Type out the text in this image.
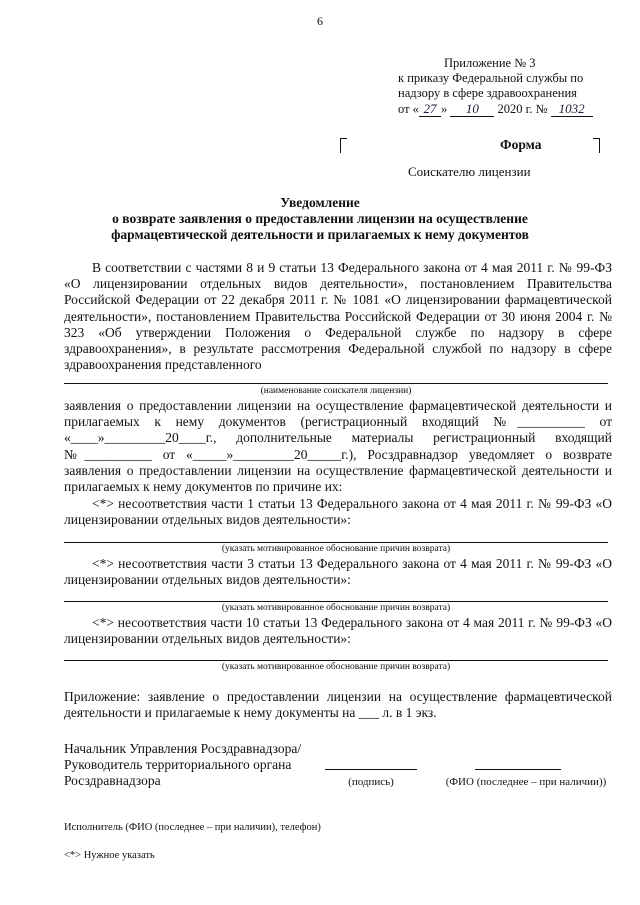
6
Приложение № 3
к приказу Федеральной службы по
надзору в сфере здравоохранения
от « 27 » 10 2020 г. № 1032
Форма
Соискателю лицензии
Уведомление
о возврате заявления о предоставлении лицензии на осуществление
фармацевтической деятельности и прилагаемых к нему документов
В соответствии с частями 8 и 9 статьи 13 Федерального закона от 4 мая 2011 г. № 99-ФЗ «О лицензировании отдельных видов деятельности», постановлением Правительства Российской Федерации от 22 декабря 2011 г. № 1081 «О лицензировании фармацевтической деятельности», постановлением Правительства Российской Федерации от 30 июня 2004 г. № 323 «Об утверждении Положения о Федеральной службе по надзору в сфере здравоохранения», в результате рассмотрения Федеральной службой по надзору в сфере здравоохранения представленного
(наименование соискателя лицензии)
заявления о предоставлении лицензии на осуществление фармацевтической деятельности и прилагаемых к нему документов (регистрационный входящий №__________ от «____»_________20____г., дополнительные материалы регистрационный входящий №__________ от «_____»_________20_____г.), Росздравнадзор уведомляет о возврате заявления о предоставлении лицензии на осуществление фармацевтической деятельности и прилагаемых к нему документов по причине их:
<*> несоответствия части 1 статьи 13 Федерального закона от 4 мая 2011 г. № 99-ФЗ «О лицензировании отдельных видов деятельности»:
(указать мотивированное обоснование причин возврата)
<*> несоответствия части 3 статьи 13 Федерального закона от 4 мая 2011 г. № 99-ФЗ «О лицензировании отдельных видов деятельности»:
(указать мотивированное обоснование причин возврата)
<*> несоответствия части 10 статьи 13 Федерального закона от 4 мая 2011 г. № 99-ФЗ «О лицензировании отдельных видов деятельности»:
(указать мотивированное обоснование причин возврата)
Приложение: заявление о предоставлении лицензии на осуществление фармацевтической деятельности и прилагаемые к нему документы на ___ л. в 1 экз.
Начальник Управления Росздравнадзора/
Руководитель территориального органа
Росздравнадзора	(подпись)	(ФИО (последнее – при наличии))
Исполнитель (ФИО (последнее – при наличии), телефон)
<*> Нужное указать
